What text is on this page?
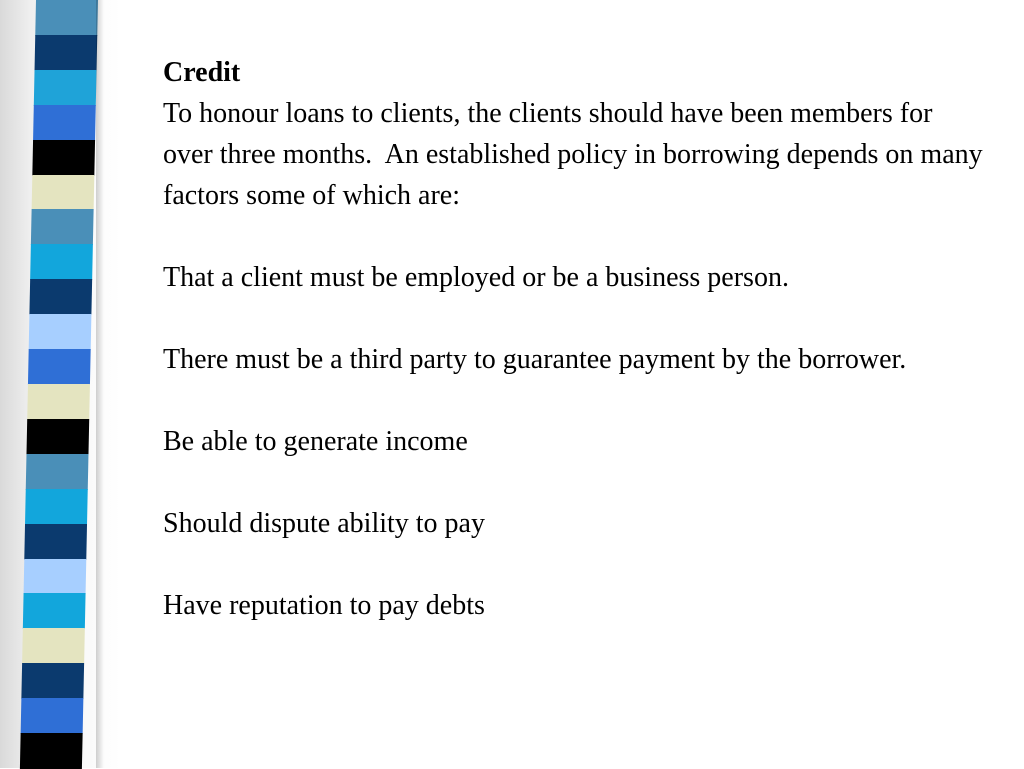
Credit
To honour loans to clients, the clients should have been members for over three months.  An established policy in borrowing depends on many factors some of which are:
That a client must be employed or be a business person.
There must be a third party to guarantee payment by the borrower.
Be able to generate income
Should dispute ability to pay
Have reputation to pay debts
